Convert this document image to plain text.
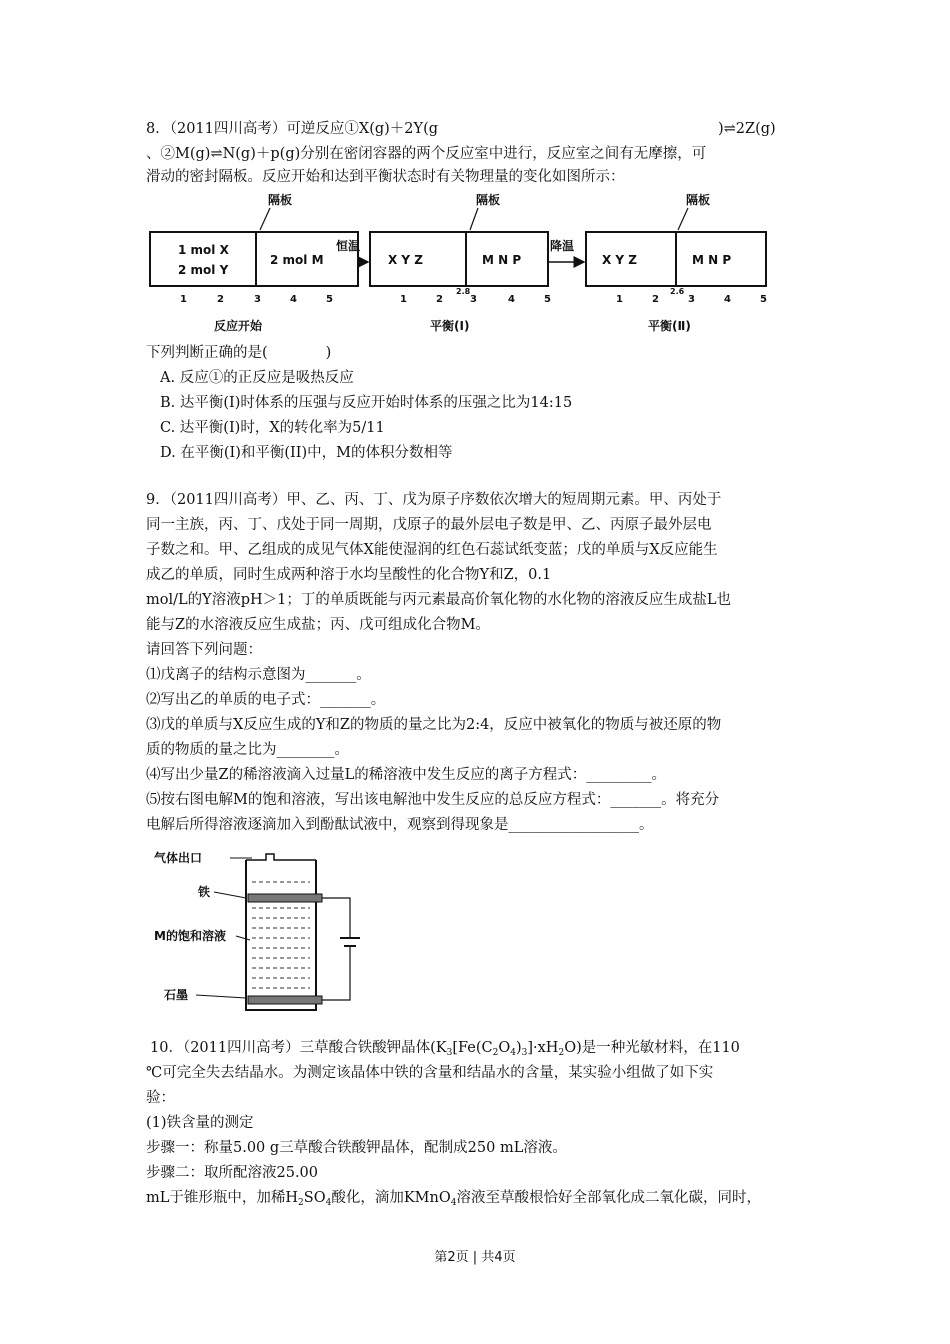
8．（2011四川高考）可逆反应①X(g)＋2Y(g	)⇌2Z(g)
、②M(g)⇌N(g)＋p(g)分别在密闭容器的两个反应室中进行，反应室之间有无摩擦，可
滑动的密封隔板。反应开始和达到平衡状态时有关物理量的变化如图所示：
隔板	隔板	隔板
1 mol X
2 mol Y
2 mol M
恒温
X Y Z	M N P
降温
X Y Z	M N P
1	2	3	4	5	1	2
2.8
3	4	5	1	2
2.6
3	4	5
反应开始	平衡(Ⅰ)	平衡(Ⅱ)
下列判断正确的是(　　　　)
A. 反应①的正反应是吸热反应
B. 达平衡(I)时体系的压强与反应开始时体系的压强之比为14:15
C. 达平衡(I)时，X的转化率为5/11
D. 在平衡(I)和平衡(II)中，M的体积分数相等
9．（2011四川高考）甲、乙、丙、丁、戊为原子序数依次增大的短周期元素。甲、丙处于
同一主族，丙、丁、戊处于同一周期，戊原子的最外层电子数是甲、乙、丙原子最外层电
子数之和。甲、乙组成的成见气体X能使湿润的红色石蕊试纸变蓝；戊的单质与X反应能生
成乙的单质，同时生成两种溶于水均呈酸性的化合物Y和Z，0.1
mol/L的Y溶液pH＞1；丁的单质既能与丙元素最高价氧化物的水化物的溶液反应生成盐L也
能与Z的水溶液反应生成盐；丙、戊可组成化合物M。
请回答下列问题：
⑴戊离子的结构示意图为_______。
⑵写出乙的单质的电子式：_______。
⑶戊的单质与X反应生成的Y和Z的物质的量之比为2:4，反应中被氧化的物质与被还原的物
质的物质的量之比为________。
⑷写出少量Z的稀溶液滴入过量L的稀溶液中发生反应的离子方程式：_________。
⑸按右图电解M的饱和溶液，写出该电解池中发生反应的总反应方程式：_______。将充分
电解后所得溶液逐滴加入到酚酞试液中，观察到得现象是__________________。
气体出口
铁
M的饱和溶液
石墨
10．（2011四川高考）三草酸合铁酸钾晶体$(K_3[Fe(C_2O_4)_3]\cdot xH_2O)$是一种光敏材料，在110
℃可完全失去结晶水。为测定该晶体中铁的含量和结晶水的含量，某实验小组做了如下实
验：
(1)铁含量的测定
步骤一：称量5.00 g三草酸合铁酸钾晶体，配制成250 mL溶液。
步骤二：取所配溶液25.00
mL于锥形瓶中，加稀$H_2SO_4$酸化，滴加KMnO$_4$溶液至草酸根恰好全部氧化成二氧化碳，同时，
第2页 | 共4页
